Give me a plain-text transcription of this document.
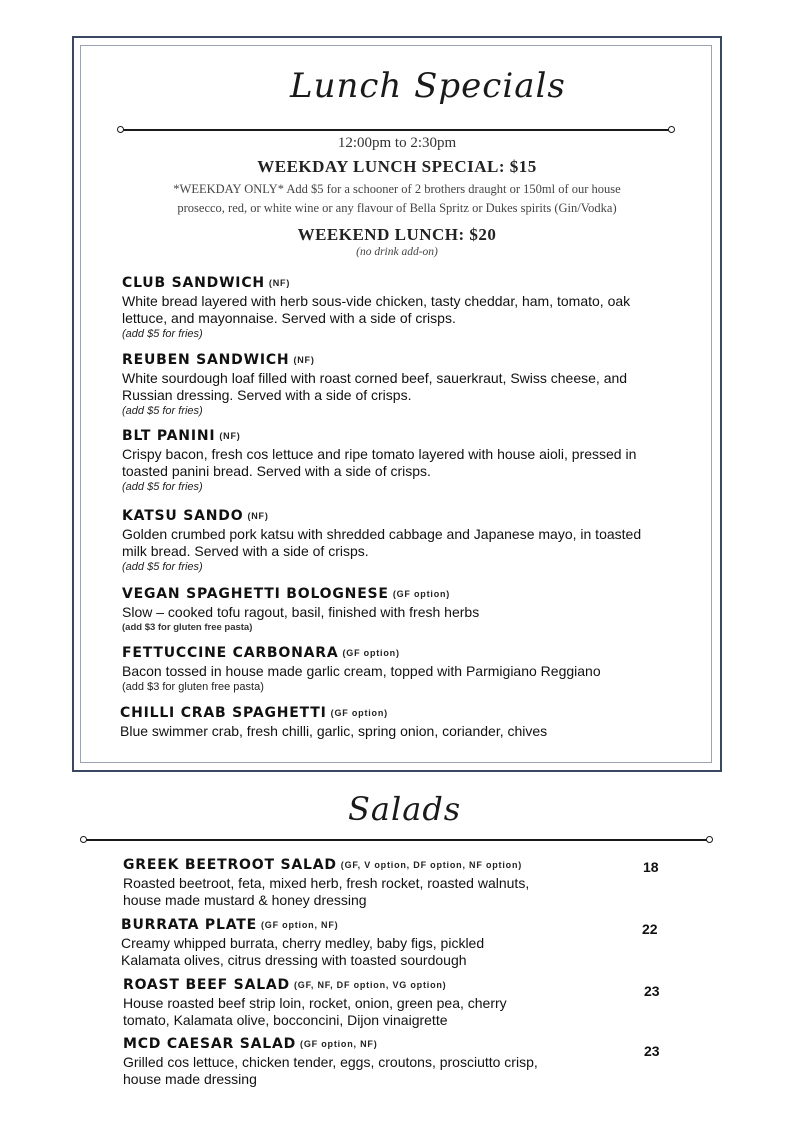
Lunch Specials
12:00pm to 2:30pm
WEEKDAY LUNCH SPECIAL: $15
*WEEKDAY ONLY* Add $5 for a schooner of 2 brothers draught or 150ml of our house
prosecco, red, or white wine or any flavour of Bella Spritz or Dukes spirits (Gin/Vodka)
WEEKEND LUNCH: $20
(no drink add-on)
CLUB SANDWICH (NF)
White bread layered with herb sous-vide chicken, tasty cheddar, ham, tomato, oak lettuce, and mayonnaise. Served with a side of crisps.
(add $5 for fries)
REUBEN SANDWICH (NF)
White sourdough loaf filled with roast corned beef, sauerkraut, Swiss cheese, and Russian dressing. Served with a side of crisps.
(add $5 for fries)
BLT PANINI (NF)
Crispy bacon, fresh cos lettuce and ripe tomato layered with house aioli, pressed in toasted panini bread. Served with a side of crisps.
(add $5 for fries)
KATSU SANDO (NF)
Golden crumbed pork katsu with shredded cabbage and Japanese mayo, in toasted milk bread. Served with a side of crisps.
(add $5 for fries)
VEGAN SPAGHETTI BOLOGNESE (GF option)
Slow – cooked tofu ragout, basil, finished with fresh herbs
(add $3 for gluten free pasta)
FETTUCCINE CARBONARA (GF option)
Bacon tossed in house made garlic cream, topped with Parmigiano Reggiano
(add $3 for gluten free pasta)
CHILLI CRAB SPAGHETTI (GF option)
Blue swimmer crab, fresh chilli, garlic, spring onion, coriander, chives
Salads
GREEK BEETROOT SALAD (GF, V option, DF option, NF option)
Roasted beetroot, feta, mixed herb, fresh rocket, roasted walnuts, house made mustard & honey dressing
18
BURRATA PLATE (GF option, NF)
Creamy whipped burrata, cherry medley, baby figs, pickled Kalamata olives, citrus dressing with toasted sourdough
22
ROAST BEEF SALAD (GF, NF, DF option, VG option)
House roasted beef strip loin, rocket, onion, green pea, cherry tomato, Kalamata olive, bocconcini, Dijon vinaigrette
23
MCD CAESAR SALAD (GF option, NF)
Grilled cos lettuce, chicken tender, eggs, croutons, prosciutto crisp, house made dressing
23
